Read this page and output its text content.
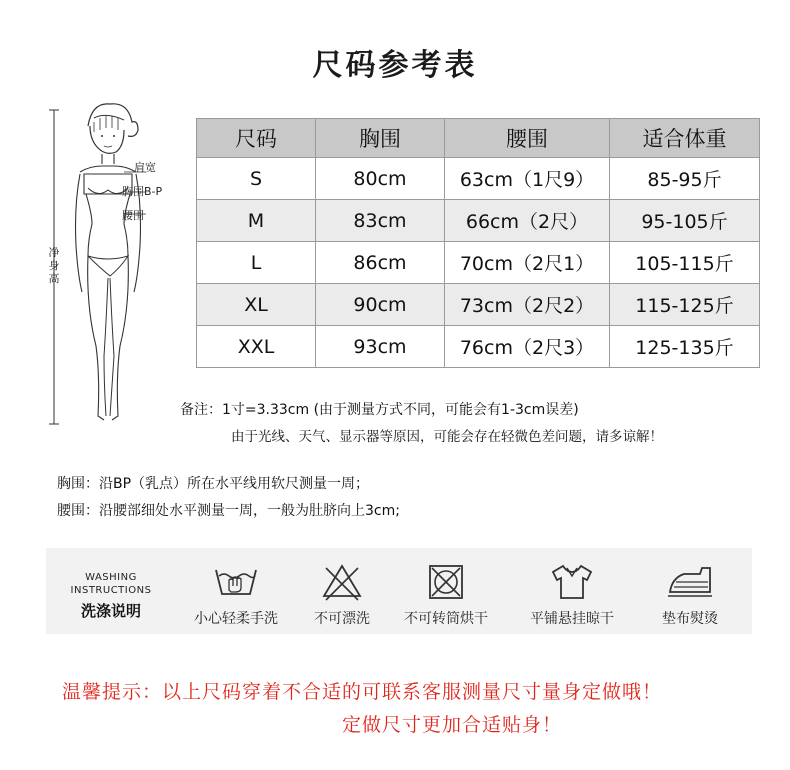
尺码参考表
肩宽
胸围B-P
腰围
净身高
尺码	胸围	腰围	适合体重
S	80cm	63cm（1尺9）	85-95斤
M	83cm	66cm（2尺）	95-105斤
L	86cm	70cm（2尺1）	105-115斤
XL	90cm	73cm（2尺2）	115-125斤
XXL	93cm	76cm（2尺3）	125-135斤
备注：1寸=3.33cm (由于测量方式不同，可能会有1-3cm误差)
由于光线、天气、显示器等原因，可能会存在轻微色差问题，请多谅解！
胸围：沿BP（乳点）所在水平线用软尺测量一周；
腰围：沿腰部细处水平测量一周，一般为肚脐向上3cm;
WASHING
INSTRUCTIONS
洗涤说明	小心轻柔手洗	不可漂洗	不可转筒烘干	平铺悬挂晾干	垫布熨烫
温馨提示：以上尺码穿着不合适的可联系客服测量尺寸量身定做哦！
定做尺寸更加合适贴身！
